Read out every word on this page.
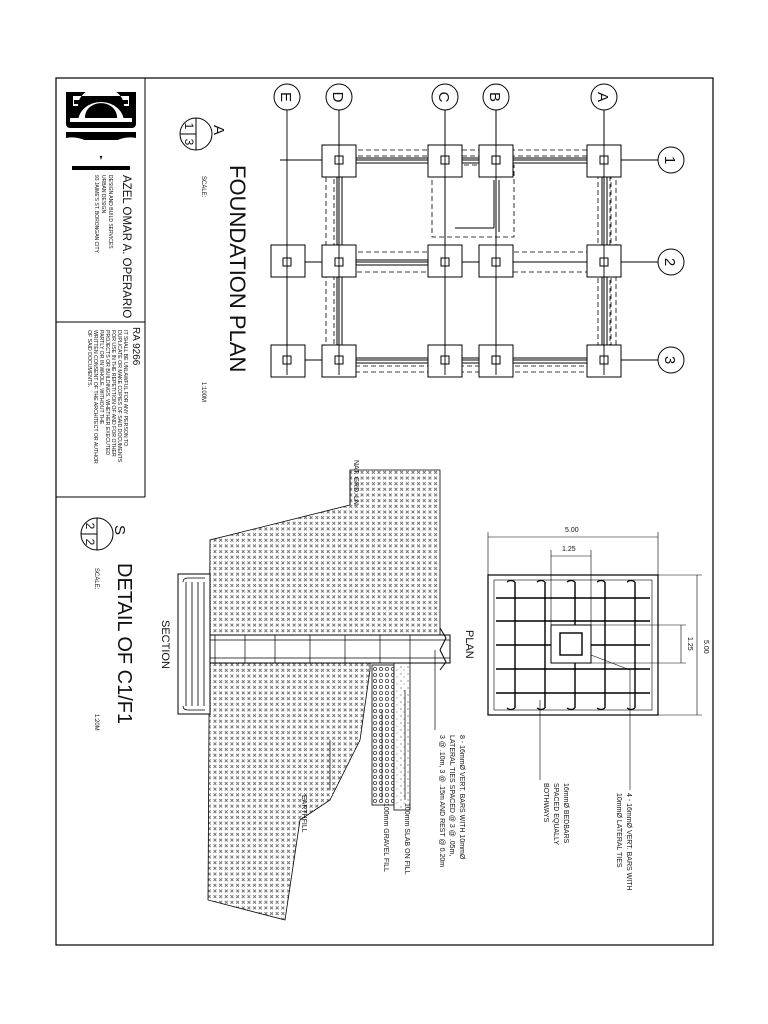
AZEL OMAR A. OPERARIO
DESIGN AND BUILD SERVICES
URBAN DESIGN
93 JAIME'S ST. BORONGAN CITY
RA 9266
IT SHALL BE UNLAWFUL FOR ANY PERSON TO
DUPLICATE OR MAKE COPIES OF SAID DOCUMENTS
FOR USE IN THE REPETITION OF AND FOR OTHER
PROJECTS OR BUILDINGS, WHETHER EXECUTED
PARTLY OR IN WHOLE, WITHOUT THE
WRITTEN CONSENT OF THE ARCHITECT OR AUTHOR
OF SAID DOCUMENTS.
A
1
3
FOUNDATION PLAN
SCALE:
1:100M
A
B
C
D
E
1
2
3
S
2
2
DETAIL OF C1/F1
SCALE:
1:20M
NAT. GRD. LN.
SECTION
8 - 16mmØ VERT. BARS WITH 10mmØ
LATERAL TIES SPACED @ 3 @ .05m,
3 @ .10m, 3 @ .15m AND REST @ 0.20m
100mm SLAB ON FILL
100mm GRAVEL FILL
EARTHFILL
5.00
1.25
5.00
1.25
PLAN
4 - 16mmØ VERT. BARS WITH
10mmØ LATERAL TIES
16mmØ BEDBARS
SPACED EQUALLY
BOTHWAYS
